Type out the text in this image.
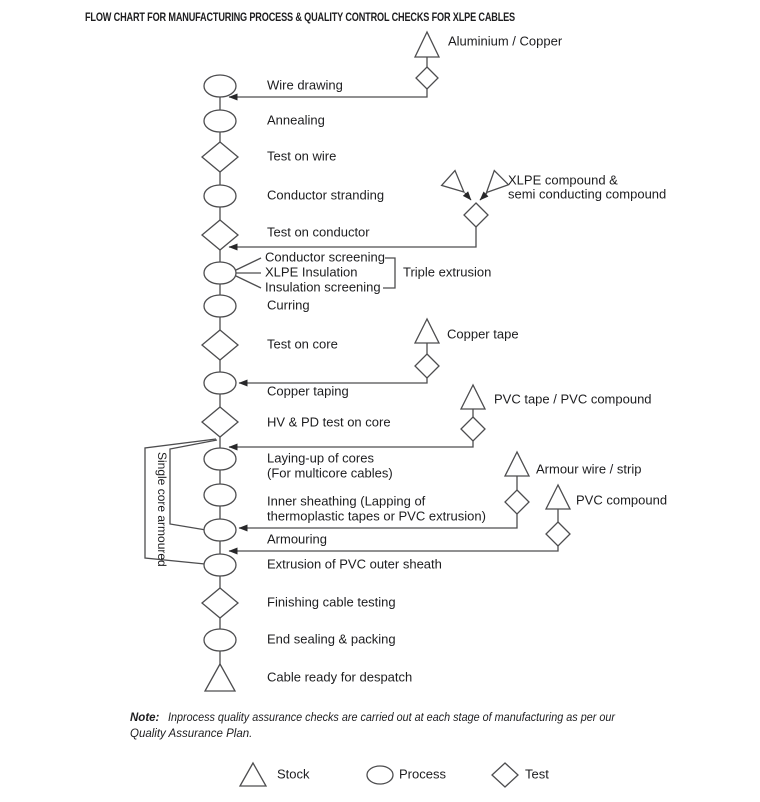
FLOW CHART FOR MANUFACTURING PROCESS & QUALITY CONTROL CHECKS FOR XLPE CABLES
Wire drawing
Annealing
Test on wire
Conductor stranding
Test on conductor
Conductor screening
XLPE Insulation
Insulation screening
Triple extrusion
Curring
Test on core
Copper taping
HV & PD test on core
Laying-up of cores
(For multicore cables)
Inner sheathing (Lapping of
thermoplastic tapes or PVC extrusion)
Armouring
Extrusion of PVC outer sheath
Finishing cable testing
End sealing & packing
Cable ready for despatch
Aluminium / Copper
XLPE compound &
semi conducting compound
Copper tape
PVC tape / PVC compound
Armour wire / strip
PVC compound
Single core armoured
Note: Inprocess quality assurance checks are carried out at each stage of manufacturing as per our
Quality Assurance Plan.
Stock	Process	Test
